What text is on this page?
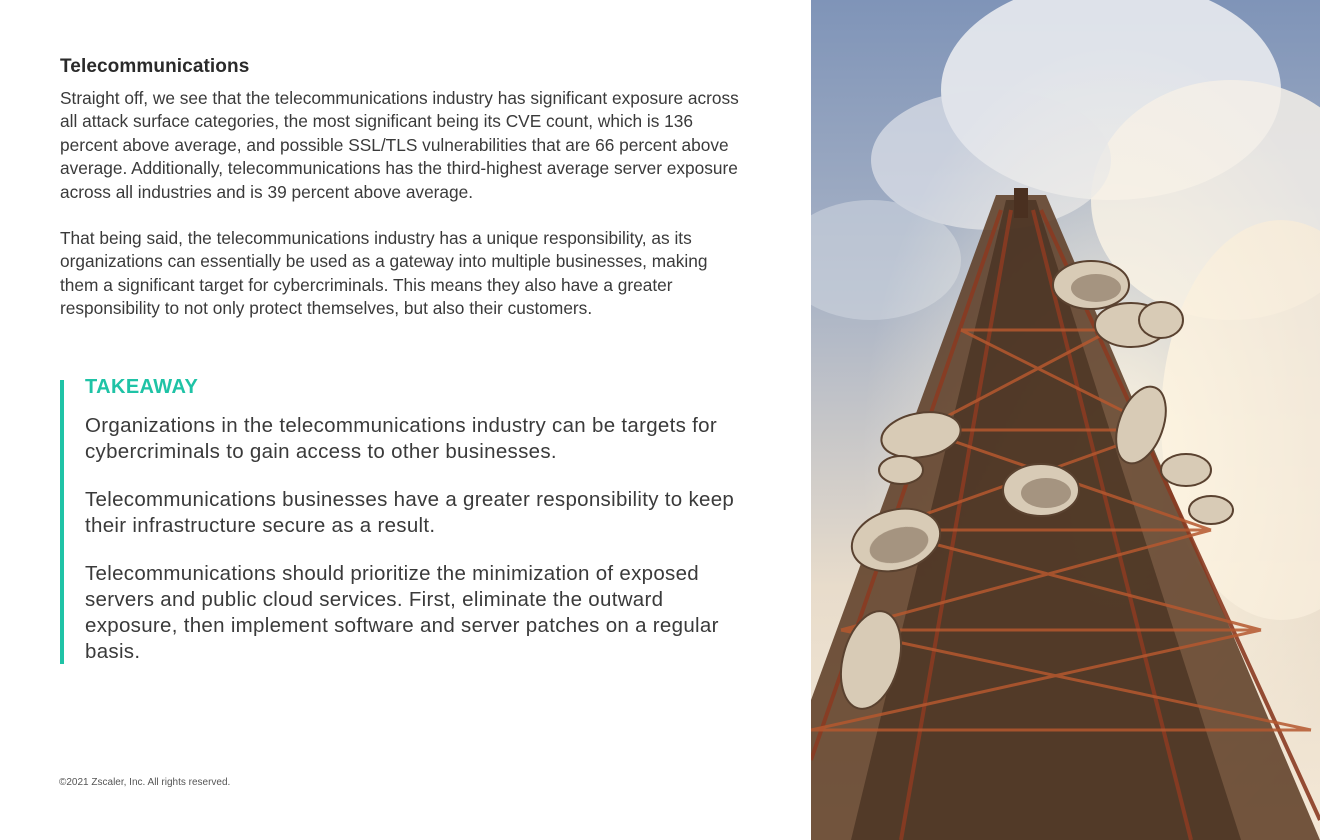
Telecommunications

Straight off, we see that the telecommunications industry has significant exposure across all attack surface categories, the most significant being its CVE count, which is 136 percent above average, and possible SSL/TLS vulnerabilities that are 66 percent above average. Additionally, telecommunications has the third-highest average server exposure across all industries and is 39 percent above average.

That being said, the telecommunications industry has a unique responsibility, as its organizations can essentially be used as a gateway into multiple businesses, making them a significant target for cybercriminals. This means they also have a greater responsibility to not only protect themselves, but also their customers.

TAKEAWAY

Organizations in the telecommunications industry can be targets for cybercriminals to gain access to other businesses.

Telecommunications businesses have a greater responsibility to keep their infrastructure secure as a result.

Telecommunications should prioritize the minimization of exposed servers and public cloud services. First, eliminate the outward exposure, then implement software and server patches on a regular basis.

©2021 Zscaler, Inc. All rights reserved.
